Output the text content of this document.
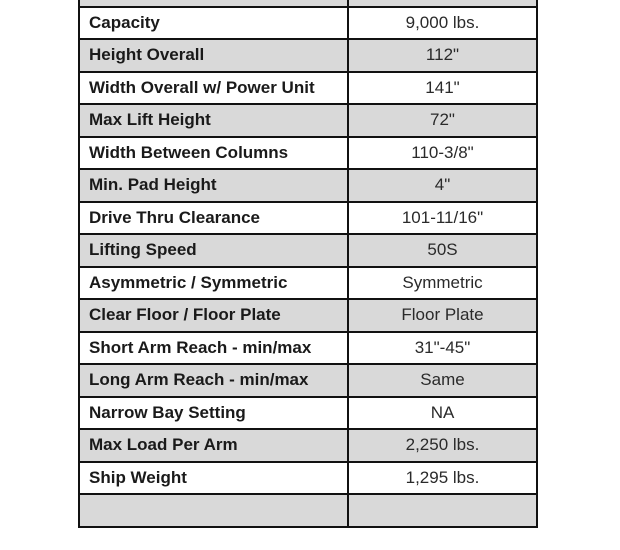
Capacity	9,000 lbs.
Height Overall	112"
Width Overall w/ Power Unit	141"
Max Lift Height	72"
Width Between Columns	110-3/8"
Min. Pad Height	4"
Drive Thru Clearance	101-11/16"
Lifting Speed	50S
Asymmetric / Symmetric	Symmetric
Clear Floor / Floor Plate	Floor Plate
Short Arm Reach - min/max	31"-45"
Long Arm Reach - min/max	Same
Narrow Bay Setting	NA
Max Load Per Arm	2,250 lbs.
Ship Weight	1,295 lbs.
